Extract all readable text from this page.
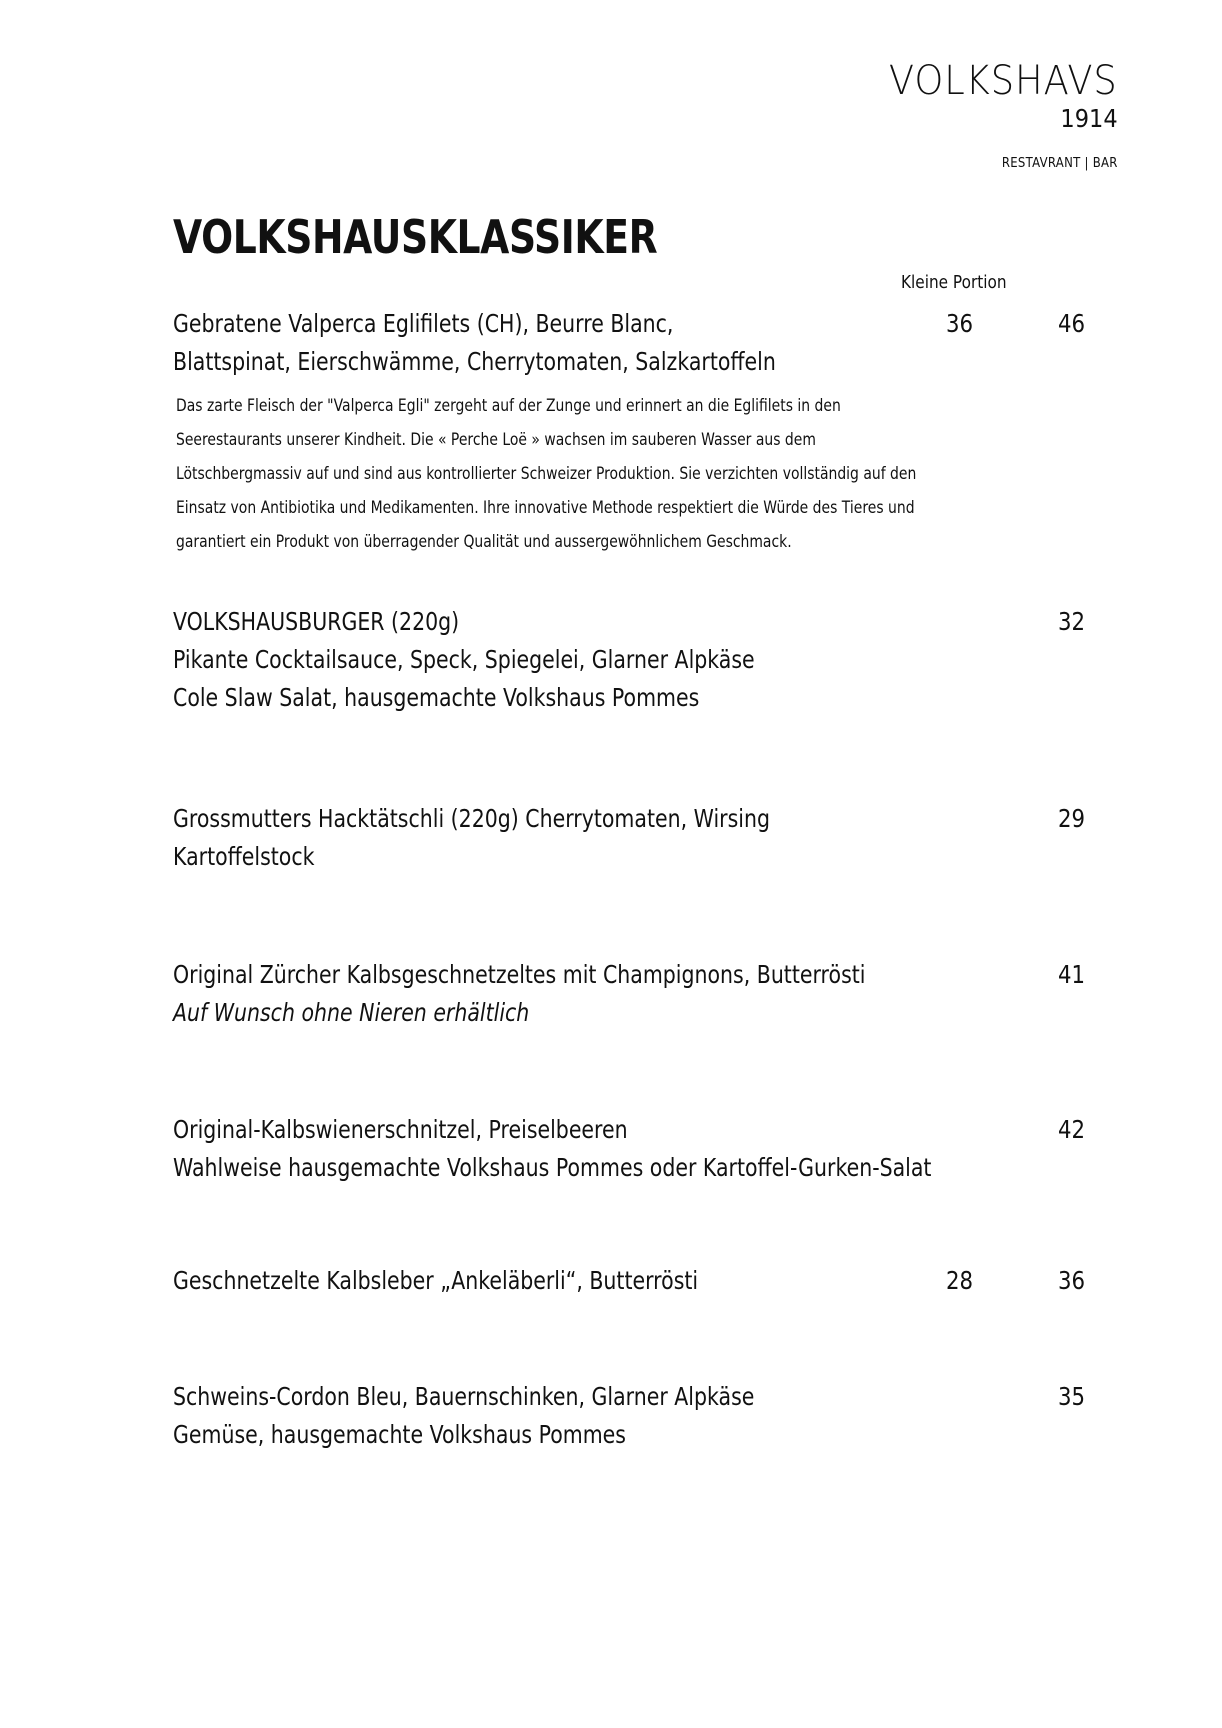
VOLKSHAVS
1914
RESTAVRANT | BAR
VOLKSHAUSKLASSIKER
Kleine Portion
Gebratene Valperca Eglifilets (CH), Beurre Blanc,
Blattspinat, Eierschwämme, Cherrytomaten, Salzkartoffeln
Das zarte Fleisch der "Valperca Egli" zergeht auf der Zunge und erinnert an die Eglifilets in den
Seerestaurants unserer Kindheit. Die « Perche Loë » wachsen im sauberen Wasser aus dem
Lötschbergmassiv auf und sind aus kontrollierter Schweizer Produktion. Sie verzichten vollständig auf den
Einsatz von Antibiotika und Medikamenten. Ihre innovative Methode respektiert die Würde des Tieres und
garantiert ein Produkt von überragender Qualität und aussergewöhnlichem Geschmack.
36	46
VOLKSHAUSBURGER (220g)
Pikante Cocktailsauce, Speck, Spiegelei, Glarner Alpkäse
Cole Slaw Salat, hausgemachte Volkshaus Pommes
32
Grossmutters Hacktätschli (220g) Cherrytomaten, Wirsing
Kartoffelstock
29
Original Zürcher Kalbsgeschnetzeltes mit Champignons, Butterrösti
Auf Wunsch ohne Nieren erhältlich
41
Original-Kalbswienerschnitzel, Preiselbeeren
Wahlweise hausgemachte Volkshaus Pommes oder Kartoffel-Gurken-Salat
42
Geschnetzelte Kalbsleber „Ankeläberli“, Butterrösti	28	36
Schweins-Cordon Bleu, Bauernschinken, Glarner Alpkäse
Gemüse, hausgemachte Volkshaus Pommes
35
